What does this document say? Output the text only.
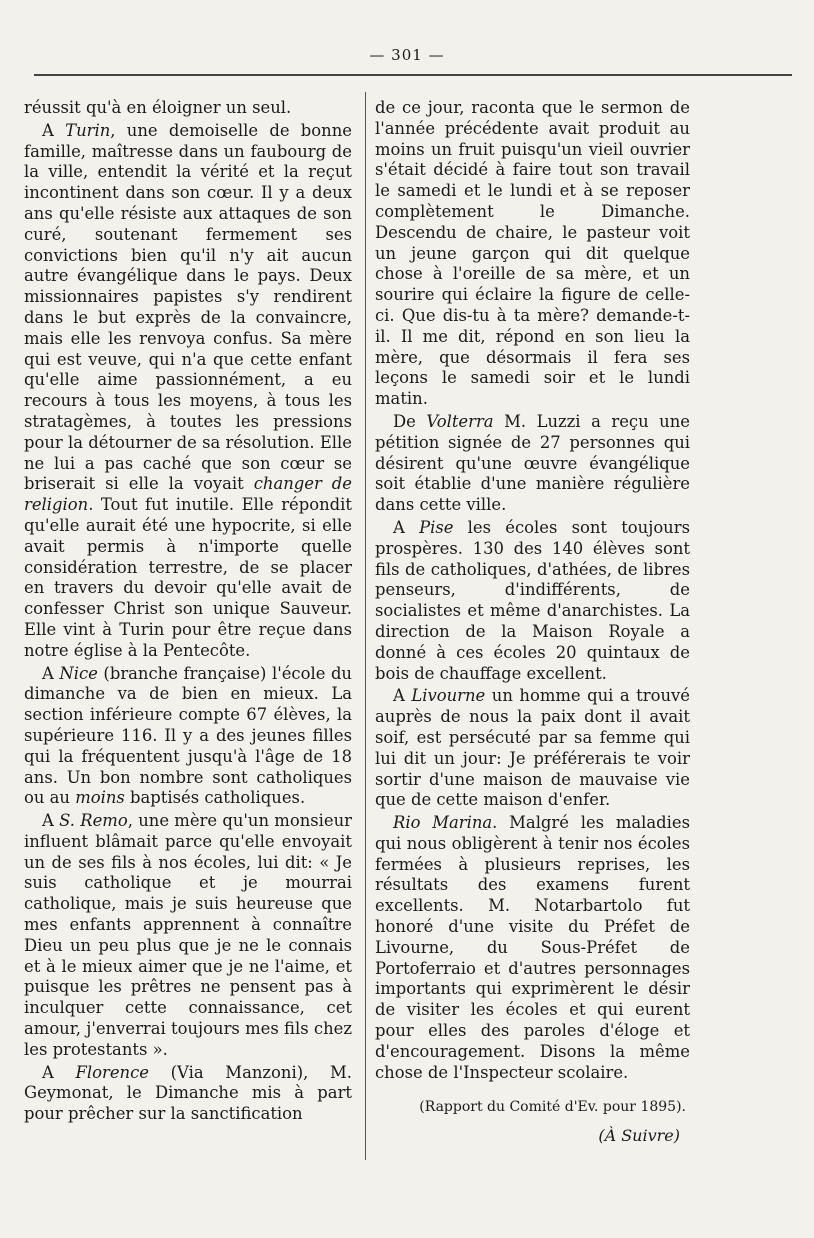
— 301 —

réussit qu'à en éloigner un seul.

A Turin, une demoiselle de bonne famille, maîtresse dans un faubourg de la ville, entendit la vérité et la reçut incontinent dans son cœur. Il y a deux ans qu'elle résiste aux attaques de son curé, soutenant fermement ses convictions bien qu'il n'y ait aucun autre évangélique dans le pays. Deux missionnaires papistes s'y rendirent dans le but exprès de la convaincre, mais elle les renvoya confus. Sa mère qui est veuve, qui n'a que cette enfant qu'elle aime passionnément, a eu recours à tous les moyens, à tous les stratagèmes, à toutes les pressions pour la détourner de sa résolution. Elle ne lui a pas caché que son cœur se briserait si elle la voyait changer de religion. Tout fut inutile. Elle répondit qu'elle aurait été une hypocrite, si elle avait permis à n'importe quelle considération terrestre, de se placer en travers du devoir qu'elle avait de confesser Christ son unique Sauveur. Elle vint à Turin pour être reçue dans notre église à la Pentecôte.

A Nice (branche française) l'école du dimanche va de bien en mieux. La section inférieure compte 67 élèves, la supérieure 116. Il y a des jeunes filles qui la fréquentent jusqu'à l'âge de 18 ans. Un bon nombre sont catholiques ou au moins baptisés catholiques.

A S. Remo, une mère qu'un monsieur influent blâmait parce qu'elle envoyait un de ses fils à nos écoles, lui dit: « Je suis catholique et je mourrai catholique, mais je suis heureuse que mes enfants apprennent à connaître Dieu un peu plus que je ne le connais et à le mieux aimer que je ne l'aime, et puisque les prêtres ne pensent pas à inculquer cette connaissance, cet amour, j'enverrai toujours mes fils chez les protestants ».

A Florence (Via Manzoni), M. Geymonat, le Dimanche mis à part pour prêcher sur la sanctification

de ce jour, raconta que le sermon de l'année précédente avait produit au moins un fruit puisqu'un vieil ouvrier s'était décidé à faire tout son travail le samedi et le lundi et à se reposer complètement le Dimanche. Descendu de chaire, le pasteur voit un jeune garçon qui dit quelque chose à l'oreille de sa mère, et un sourire qui éclaire la figure de celle-ci. Que dis-tu à ta mère? demande-t-il. Il me dit, répond en son lieu la mère, que désormais il fera ses leçons le samedi soir et le lundi matin.

De Volterra M. Luzzi a reçu une pétition signée de 27 personnes qui désirent qu'une œuvre évangélique soit établie d'une manière régulière dans cette ville.

A Pise les écoles sont toujours prospères. 130 des 140 élèves sont fils de catholiques, d'athées, de libres penseurs, d'indifférents, de socialistes et même d'anarchistes. La direction de la Maison Royale a donné à ces écoles 20 quintaux de bois de chauffage excellent.

A Livourne un homme qui a trouvé auprès de nous la paix dont il avait soif, est persécuté par sa femme qui lui dit un jour: Je préférerais te voir sortir d'une maison de mauvaise vie que de cette maison d'enfer.

Rio Marina. Malgré les maladies qui nous obligèrent à tenir nos écoles fermées à plusieurs reprises, les résultats des examens furent excellents. M. Notarbartolo fut honoré d'une visite du Préfet de Livourne, du Sous-Préfet de Portoferraio et d'autres personnages importants qui exprimèrent le désir de visiter les écoles et qui eurent pour elles des paroles d'éloge et d'encouragement. Disons la même chose de l'Inspecteur scolaire.

(Rapport du Comité d'Ev. pour 1895).
(À Suivre)
